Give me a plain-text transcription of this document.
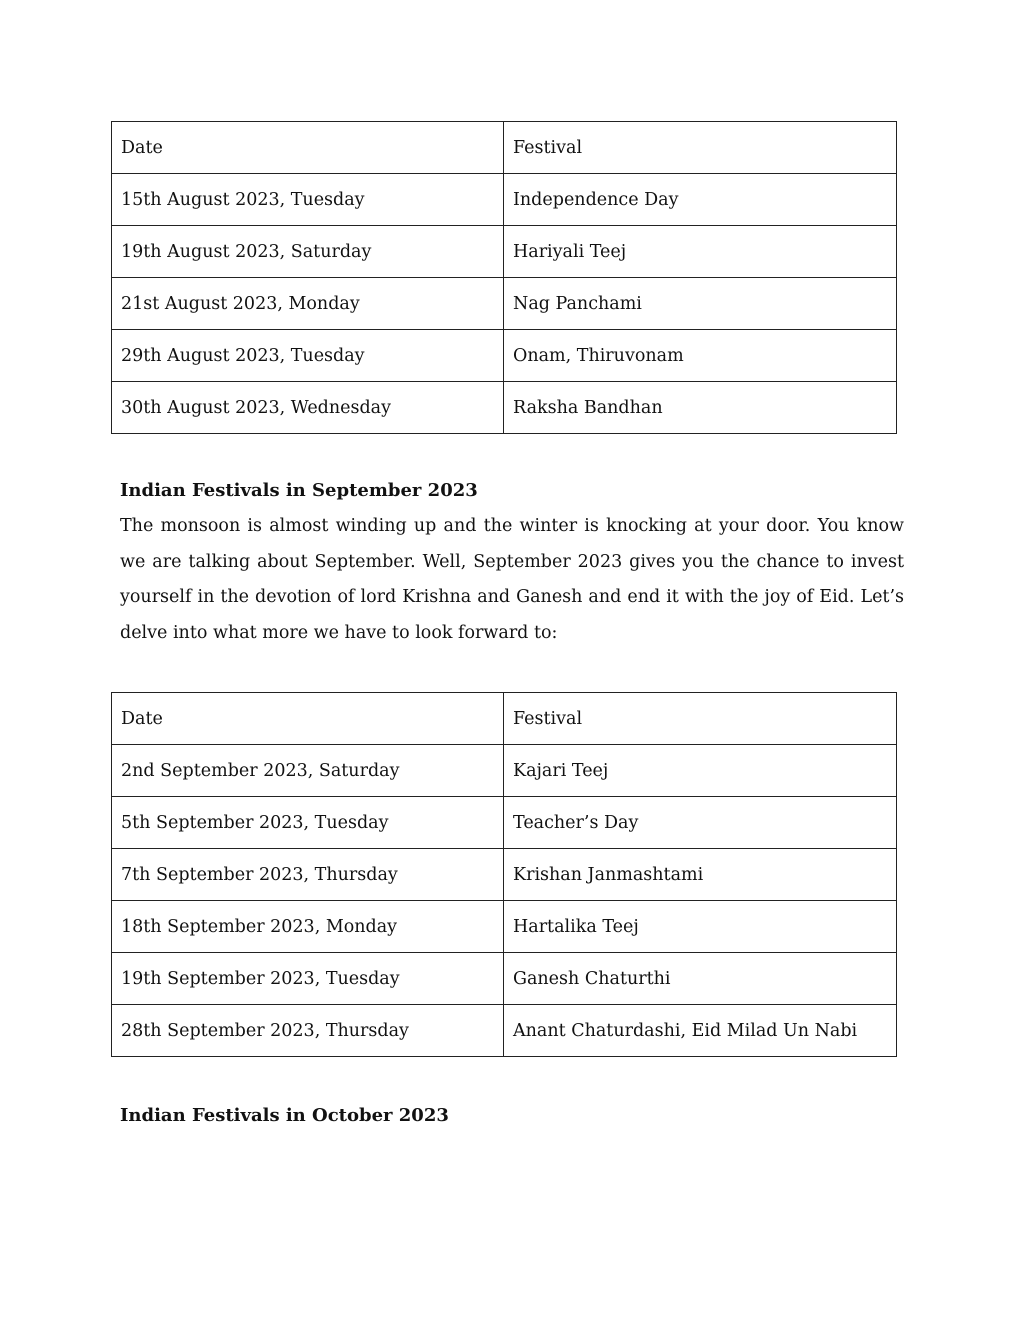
Date	Festival
15th August 2023, Tuesday	Independence Day
19th August 2023, Saturday	Hariyali Teej
21st August 2023, Monday	Nag Panchami
29th August 2023, Tuesday	Onam, Thiruvonam
30th August 2023, Wednesday	Raksha Bandhan
Indian Festivals in September 2023

The monsoon is almost winding up and the winter is knocking at your door. You know we are talking about September. Well, September 2023 gives you the chance to invest yourself in the devotion of lord Krishna and Ganesh and end it with the joy of Eid. Let’s delve into what more we have to look forward to:

Date	Festival
2nd September 2023, Saturday	Kajari Teej
5th September 2023, Tuesday	Teacher’s Day
7th September 2023, Thursday	Krishan Janmashtami
18th September 2023, Monday	Hartalika Teej
19th September 2023, Tuesday	Ganesh Chaturthi
28th September 2023, Thursday	Anant Chaturdashi, Eid Milad Un Nabi
Indian Festivals in October 2023
